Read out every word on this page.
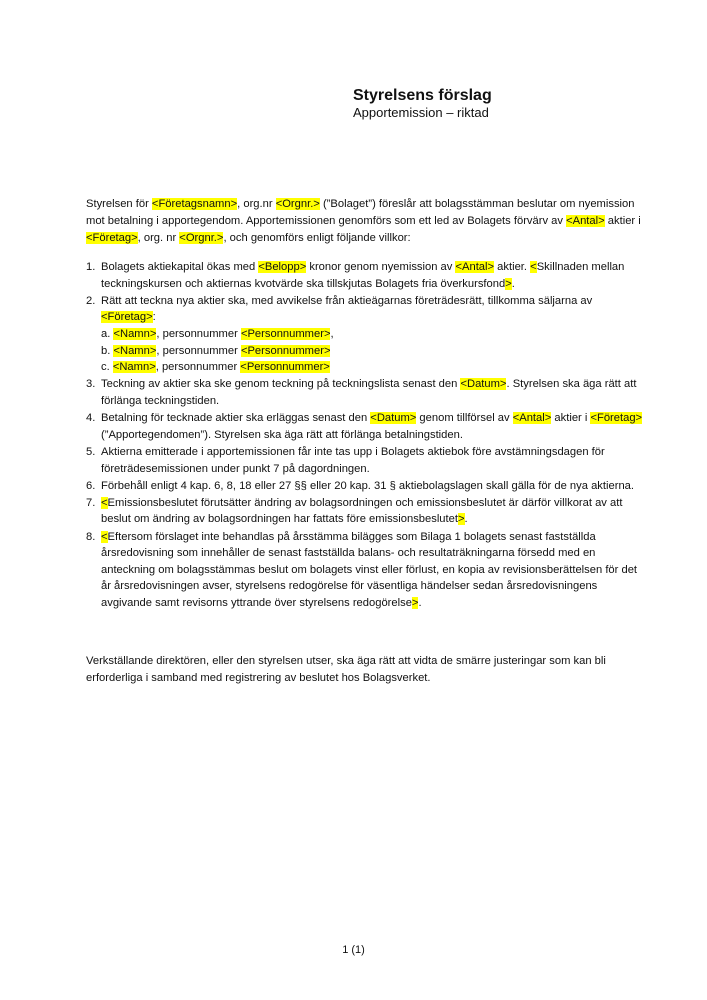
Styrelsens förslag

Apportemission – riktad

Styrelsen för <Företagsnamn>, org.nr <Orgnr.> (”Bolaget”) föreslår att bolagsstämman beslutar om nyemission mot betalning i apportegendom. Apportemissionen genomförs som ett led av Bolagets förvärv av <Antal> aktier i <Företag>, org. nr <Orgnr.>, och genomförs enligt följande villkor:

1. Bolagets aktiekapital ökas med <Belopp> kronor genom nyemission av <Antal> aktier. <Skillnaden mellan teckningskursen och aktiernas kvotvärde ska tillskjutas Bolagets fria överkursfond>.
2. Rätt att teckna nya aktier ska, med avvikelse från aktieägarnas företrädesrätt, tillkomma säljarna av <Företag>:
a. <Namn>, personnummer <Personnummer>,
b. <Namn>, personnummer <Personnummer>
c. <Namn>, personnummer <Personnummer>
3. Teckning av aktier ska ske genom teckning på teckningslista senast den <Datum>. Styrelsen ska äga rätt att förlänga teckningstiden.
4. Betalning för tecknade aktier ska erläggas senast den <Datum> genom tillförsel av <Antal> aktier i <Företag> (”Apportegendomen”). Styrelsen ska äga rätt att förlänga betalningstiden.
5. Aktierna emitterade i apportemissionen får inte tas upp i Bolagets aktiebok före avstämningsdagen för företrädesemissionen under punkt 7 på dagordningen.
6. Förbehåll enligt 4 kap. 6, 8, 18 eller 27 §§ eller 20 kap. 31 § aktiebolagslagen skall gälla för de nya aktierna.
7. <Emissionsbeslutet förutsätter ändring av bolagsordningen och emissionsbeslutet är därför villkorat av att beslut om ändring av bolagsordningen har fattats före emissionsbeslutet>.
8. <Eftersom förslaget inte behandlas på årsstämma bilägges som Bilaga 1 bolagets senast fastställda årsredovisning som innehåller de senast fastställda balans- och resultaträkningarna försedd med en anteckning om bolagsstämmas beslut om bolagets vinst eller förlust, en kopia av revisionsberättelsen för det år årsredovisningen avser, styrelsens redogörelse för väsentliga händelser sedan årsredovisningens avgivande samt revisorns yttrande över styrelsens redogörelse>.

Verkställande direktören, eller den styrelsen utser, ska äga rätt att vidta de smärre justeringar som kan bli erforderliga i samband med registrering av beslutet hos Bolagsverket.

1 (1)
